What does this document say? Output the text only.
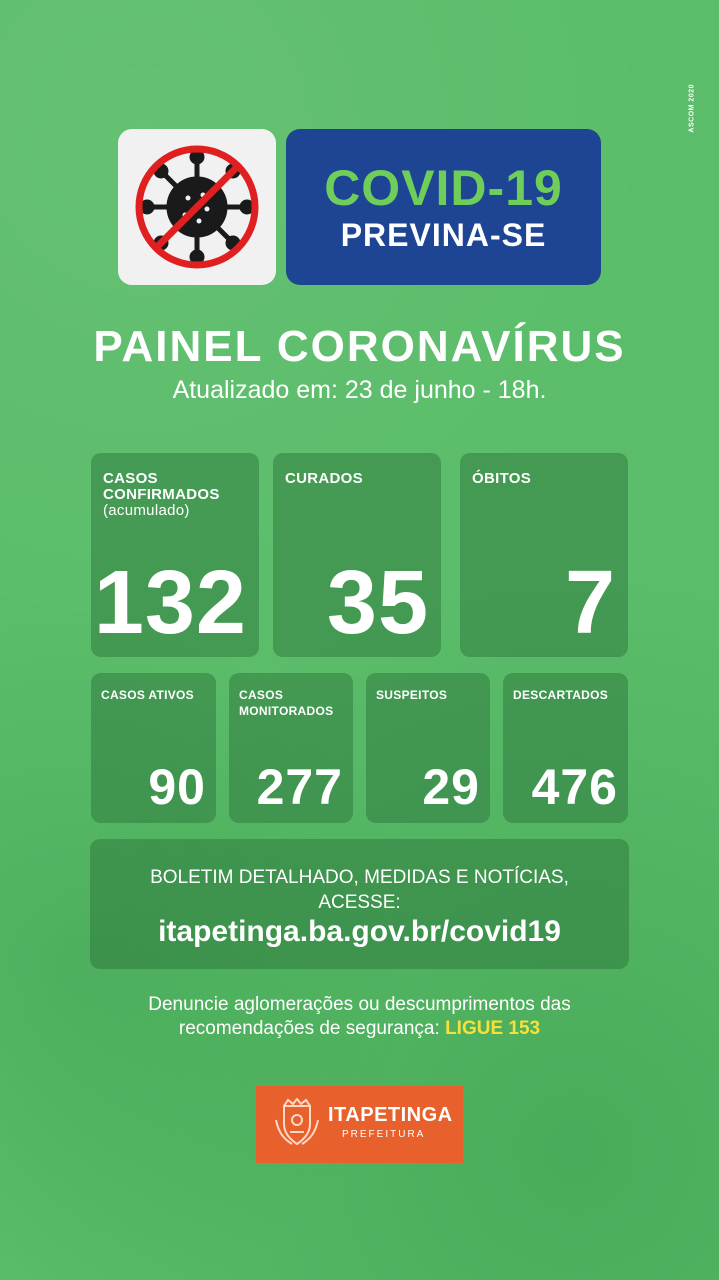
ASCOM 2020
COVID-19
PREVINA-SE
PAINEL CORONAVÍRUS
Atualizado em: 23 de junho - 18h.
CASOS
CONFIRMADOS
(acumulado)
132
CURADOS
35
ÓBITOS
7
CASOS ATIVOS
90
CASOS
MONITORADOS
277
SUSPEITOS
29
DESCARTADOS
476
BOLETIM DETALHADO, MEDIDAS E NOTÍCIAS,
ACESSE:
itapetinga.ba.gov.br/covid19
Denuncie aglomerações ou descumprimentos das
recomendações de segurança: LIGUE 153
ITAPETINGA
PREFEITURA
